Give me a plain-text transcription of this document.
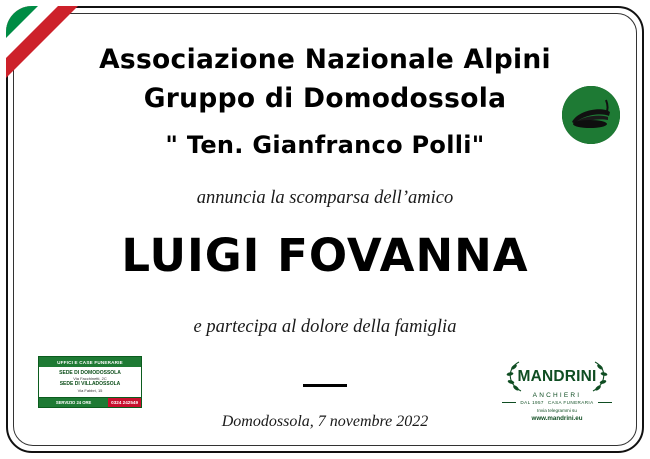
Associazione Nazionale Alpini
Gruppo di Domodossola
" Ten. Gianfranco Polli"
annuncia la scomparsa dell’amico
LUIGI FOVANNA
e partecipa al dolore della famiglia
Domodossola, 7 novembre 2022
UFFICI E CASE FUNERARIE
SEDE DI DOMODOSSOLA
Via Facchinetti, 2C
SEDE DI VILLADOSSOLA
Via Fabbri, 15
SERVIZIO 24 ORE	0324 242549
MANDRINI
ANCHIERI
DAL 1957 CASA FUNERARIA
Invia telegrammi su
www.mandrini.eu
